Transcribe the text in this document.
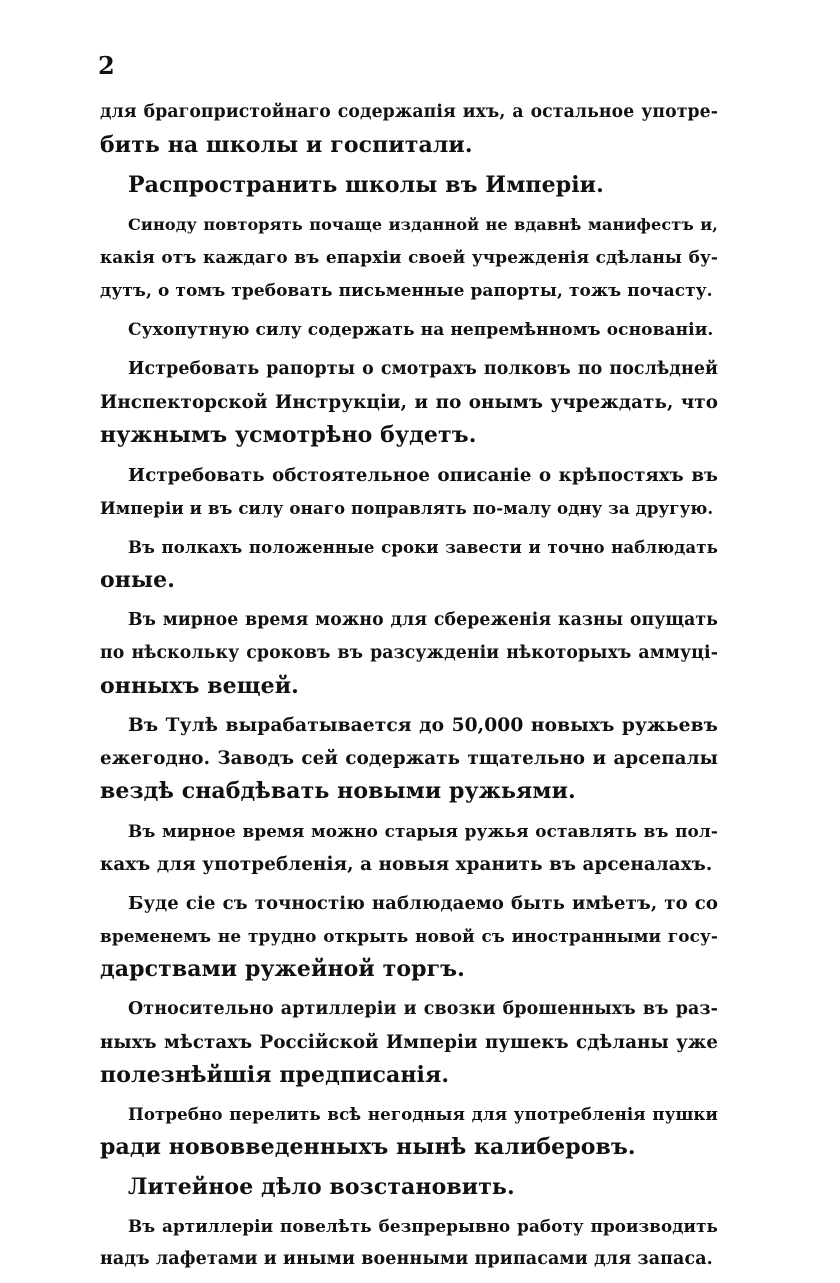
2
для брагопристойнаго содержапія ихъ, а остальное употре-
бить на школы и госпитали.
Распространить школы въ Имперіи.
Синоду повторять почаще изданной не вдавнѣ манифестъ и,
какія отъ каждаго въ епархіи своей учрежденія сдѣланы бу-
дутъ, о томъ требовать письменные рапорты, тожъ почасту.
Сухопутную силу содержать на непремѣнномъ основаніи.
Истребовать рапорты о смотрахъ полковъ по послѣдней
Инспекторской Инструкціи, и по онымъ учреждать, что
нужнымъ усмотрѣно будетъ.
Истребовать обстоятельное описаніе о крѣпостяхъ въ
Имперіи и въ силу онаго поправлять по-малу одну за другую.
Въ полкахъ положенные сроки завести и точно наблюдать
оные.
Въ мирное время можно для сбереженія казны опущать
по нѣскольку сроковъ въ разсужденіи нѣкоторыхъ аммуці-
онныхъ вещей.
Въ Тулѣ вырабатывается до 50,000 новыхъ ружьевъ
ежегодно. Заводъ сей содержать тщательно и арсепалы
вездѣ снабдѣвать новыми ружьями.
Въ мирное время можно старыя ружья оставлять въ пол-
кахъ для употребленія, а новыя хранить въ арсеналахъ.
Буде сіе съ точностію наблюдаемо быть имѣетъ, то со
временемъ не трудно открыть новой съ иностранными госу-
дарствами ружейной торгъ.
Относительно артиллеріи и свозки брошенныхъ въ раз-
ныхъ мѣстахъ Россійской Имперіи пушекъ сдѣланы уже
полезнѣйшія предписанія.
Потребно перелить всѣ негодныя для употребленія пушки
ради нововведенныхъ нынѣ калиберовъ.
Литейное дѣло возстановить.
Въ артиллеріи повелѣть безпрерывно работу производить
надъ лафетами и иными военными припасами для запаса.
